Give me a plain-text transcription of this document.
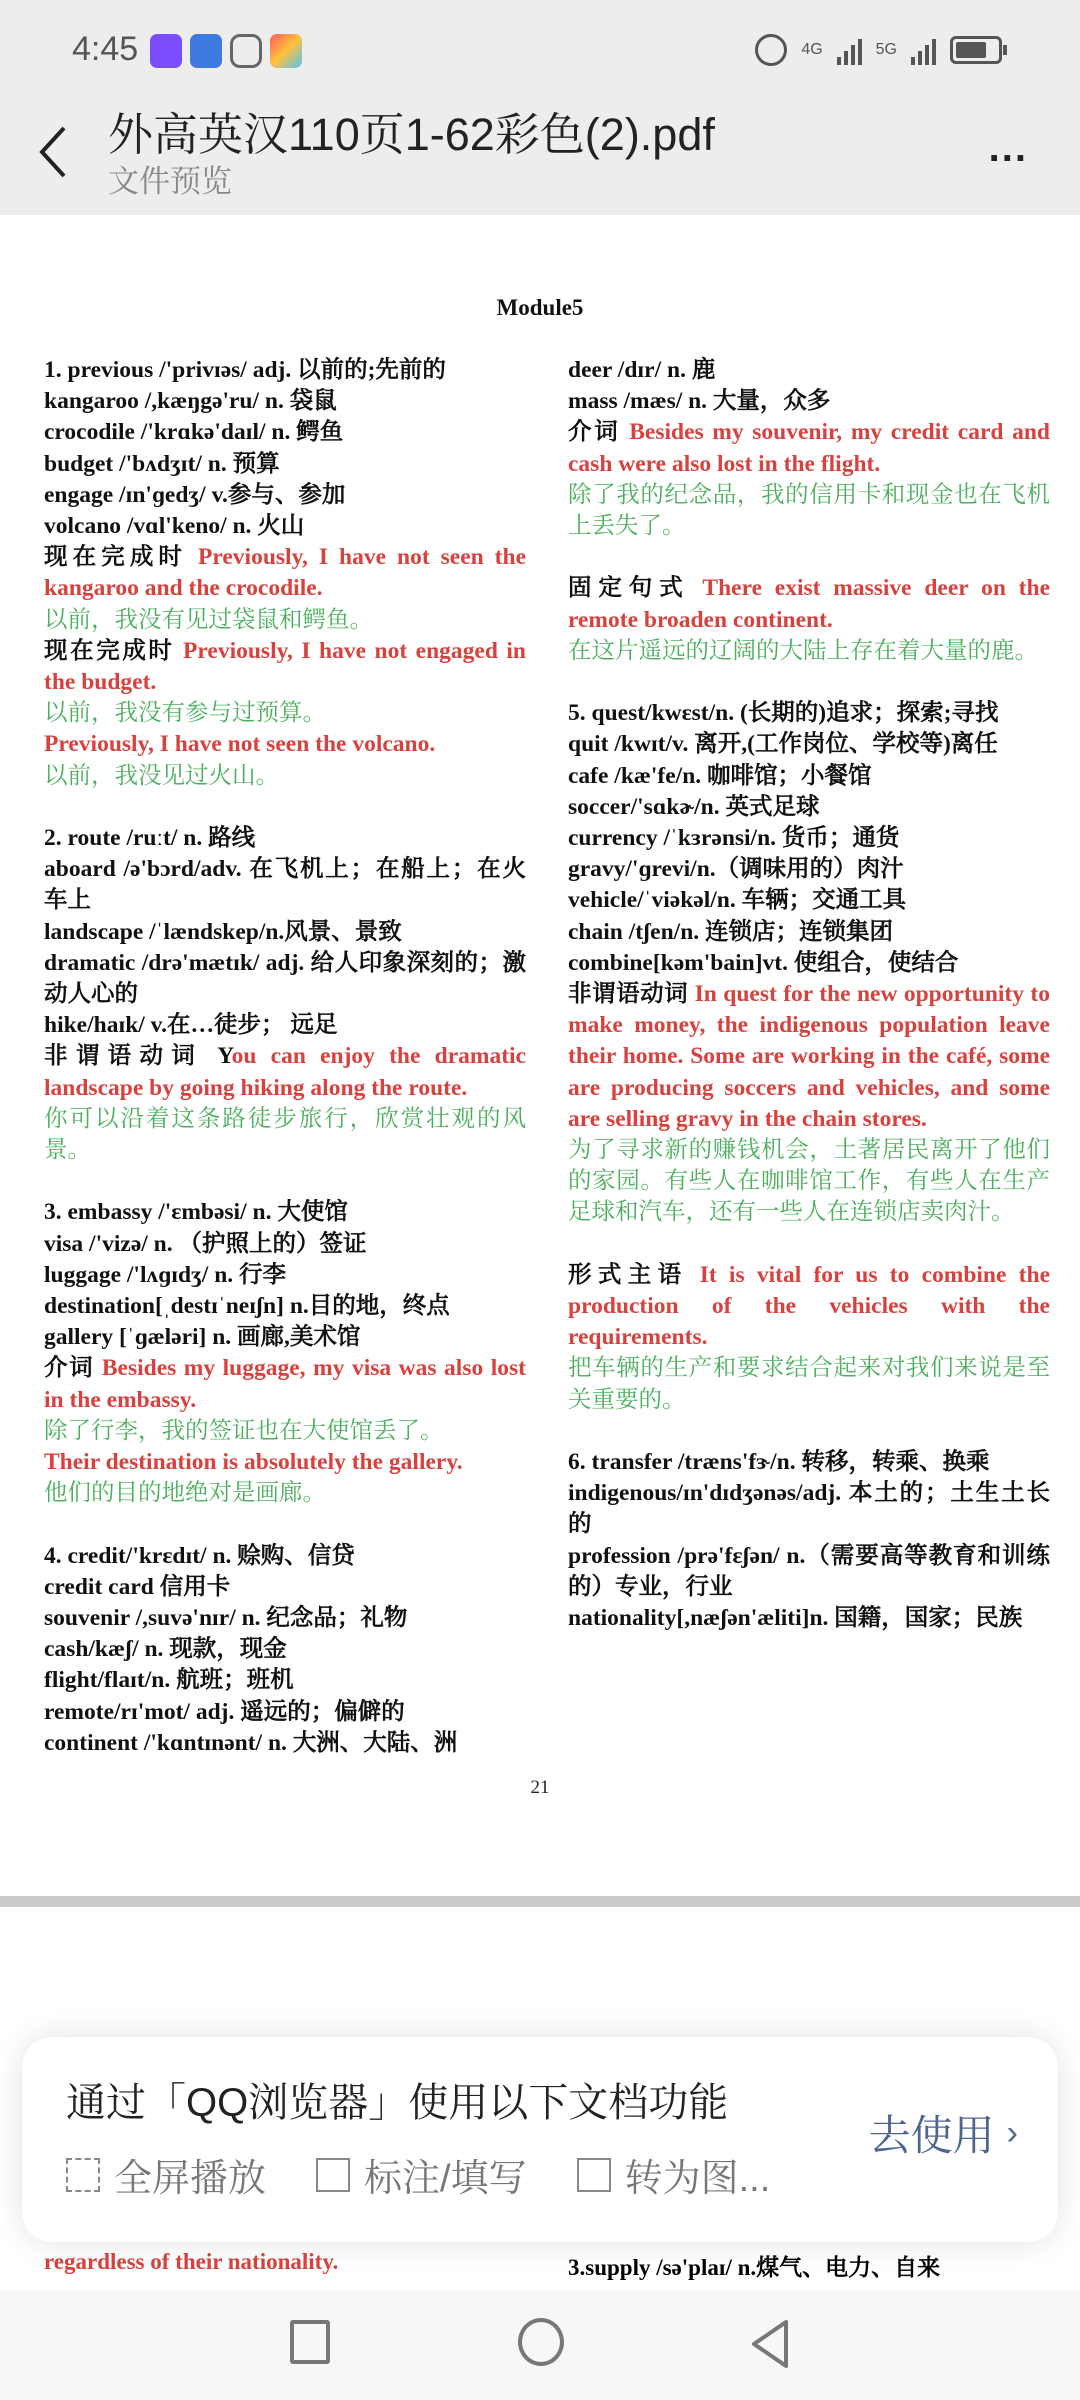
4:45	4G	5G
外高英汉110页1-62彩色(2).pdf
文件预览
...
Module5
1. previous /'privɪəs/ adj. 以前的;先前的
kangaroo /,kæŋgə'ru/ n. 袋鼠
crocodile /'krɑkə'daɪl/ n. 鳄鱼
budget /'bʌdʒɪt/ n. 预算
engage /ɪn'ɡedʒ/ v.参与、参加
volcano /vɑl'keno/ n. 火山
现在完成时 Previously, I have not seen the kangaroo and the crocodile.
以前，我没有见过袋鼠和鳄鱼。
现在完成时 Previously, I have not engaged in the budget.
以前，我没有参与过预算。
Previously, I have not seen the volcano.
以前，我没见过火山。
2. route /ruːt/ n. 路线
aboard /ə'bɔrd/adv. 在飞机上；在船上；在火车上
landscape /ˈlændskep/n.风景、景致
dramatic /drə'mætɪk/ adj. 给人印象深刻的；激动人心的
hike/haɪk/ v.在…徒步； 远足
非谓语动词 You can enjoy the dramatic landscape by going hiking along the route.
你可以沿着这条路徒步旅行，欣赏壮观的风景。
3. embassy /'ɛmbəsi/ n. 大使馆
visa /'vizə/ n. （护照上的）签证
luggage /'lʌɡɪdʒ/ n. 行李
destination[ˌdestɪˈneɪʃn] n.目的地，终点
gallery [ˈɡæləri] n. 画廊,美术馆
介词 Besides my luggage, my visa was also lost in the embassy.
除了行李，我的签证也在大使馆丢了。
Their destination is absolutely the gallery.
他们的目的地绝对是画廊。
4. credit/'krɛdɪt/ n. 赊购、信贷
credit card 信用卡
souvenir /,suvə'nɪr/ n. 纪念品；礼物
cash/kæʃ/ n. 现款，现金
flight/flaɪt/n. 航班；班机
remote/rɪ'mot/ adj. 遥远的；偏僻的
continent /'kɑntɪnənt/ n. 大洲、大陆、洲
deer /dɪr/ n. 鹿
mass /mæs/ n. 大量，众多
介词 Besides my souvenir, my credit card and cash were also lost in the flight.
除了我的纪念品，我的信用卡和现金也在飞机上丢失了。
固定句式 There exist massive deer on the remote broaden continent.
在这片遥远的辽阔的大陆上存在着大量的鹿。
5. quest/kwɛst/n. (长期的)追求；探索;寻找
quit /kwɪt/v. 离开,(工作岗位、学校等)离任
cafe /kæ'fe/n. 咖啡馆；小餐馆
soccer/'sɑkɚ/n. 英式足球
currency /ˈkɜrənsi/n. 货币；通货
gravy/'ɡrevi/n.（调味用的）肉汁
vehicle/ˈviəkəl/n. 车辆；交通工具
chain /tʃen/n. 连锁店；连锁集团
combine[kəm'bain]vt. 使组合，使结合
非谓语动词 In quest for the new opportunity to make money, the indigenous population leave their home. Some are working in the café, some are producing soccers and vehicles, and some are selling gravy in the chain stores.
为了寻求新的赚钱机会，土著居民离开了他们的家园。有些人在咖啡馆工作，有些人在生产足球和汽车，还有一些人在连锁店卖肉汁。
形式主语 It is vital for us to combine the production of the vehicles with the requirements.
把车辆的生产和要求结合起来对我们来说是至关重要的。
6. transfer /træns'fɝ/n. 转移，转乘、换乘
indigenous/ɪn'dɪdʒənəs/adj. 本土的；土生土长的
profession /prə'fɛʃən/ n.（需要高等教育和训练的）专业，行业
nationality[,næʃən'æliti]n. 国籍，国家；民族
21
regardless of their nationality.	3.supply /sə'plaɪ/ n.煤气、电力、自来
通过「QQ浏览器」使用以下文档功能
全屏播放	标注/填写	转为图...
去使用 ›
